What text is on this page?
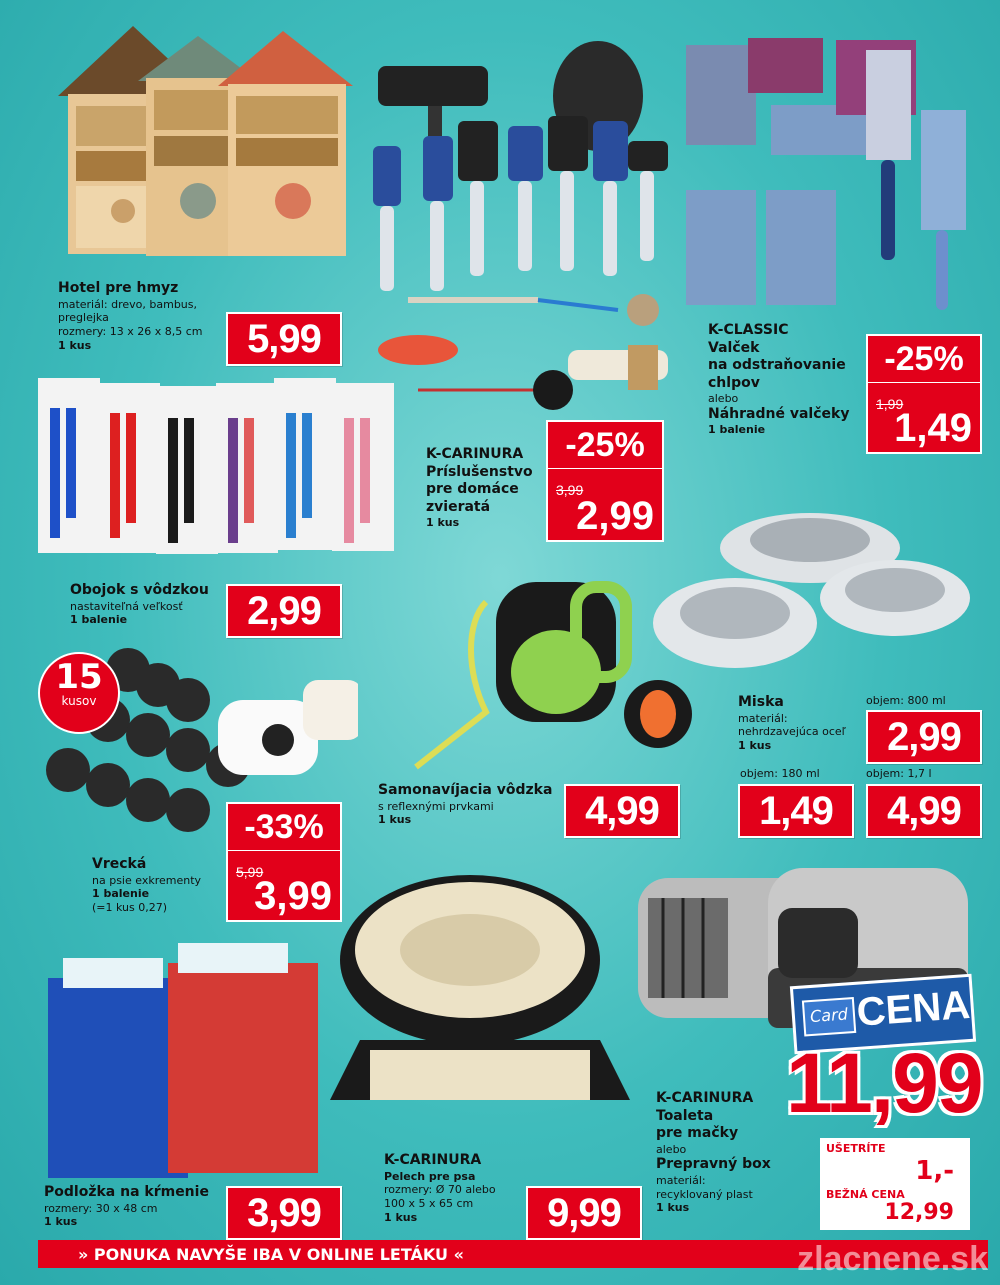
Hotel pre hmyz
materiál: drevo, bambus,
preglejka
rozmery: 13 x 26 x 8,5 cm
1 kus	5,99
K-CARINURA
Príslušenstvo
pre domáce
zvieratá
1 kus
-25%
3,99
2,99
K-CLASSIC
Valček
na odstraňovanie
chlpov
alebo
Náhradné valčeky
1 balenie
-25%
1,99
1,49
Obojok s vôdzkou
nastaviteľná veľkosť
1 balenie	2,99
15
kusov
Vrecká
na psie exkrementy
1 balenie
(=1 kus 0,27)
-33%
5,99
3,99
Samonavíjacia vôdzka
s reflexnými prvkami
1 kus	4,99
Miska
materiál:
nehrdzavejúca oceľ
1 kus
objem: 800 ml
2,99
objem: 180 ml
1,49
objem: 1,7 l
4,99
Podložka na kŕmenie
rozmery: 30 x 48 cm
1 kus	3,99
K-CARINURA
Pelech pre psa
rozmery: Ø 70 alebo
100 x 5 x 65 cm
1 kus	9,99
Card CENA
11,99
K-CARINURA
Toaleta
pre mačky
alebo
Prepravný box
materiál:
recyklovaný plast
1 kus
UŠETRÍTE
1,-
BEŽNÁ CENA
12,99
» PONUKA NAVYŠE IBA V ONLINE LETÁKU «	zlacnene.sk
